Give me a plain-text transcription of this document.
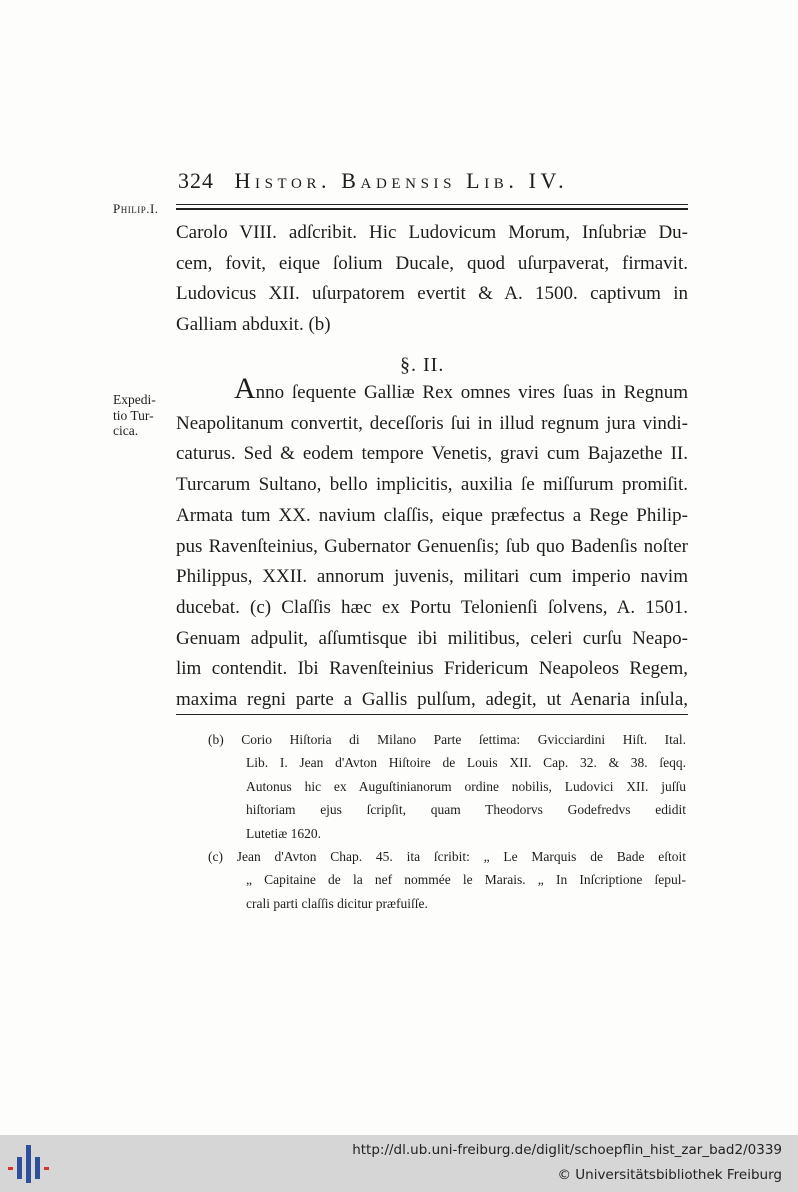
324 Histor. Badensis Lib. IV.
Philip.I.
Carolo VIII. adſcribit. Hic Ludovicum Morum, Inſubriæ Du-
cem, fovit, eique ſolium Ducale, quod uſurpaverat, firmavit.
Ludovicus XII. uſurpatorem evertit & A. 1500. captivum in
Galliam abduxit. (b)
§. II.
Expedi-
tio Tur-
cica.
Anno ſequente Galliæ Rex omnes vires ſuas in Regnum
Neapolitanum convertit, deceſſoris ſui in illud regnum jura vindi-
caturus. Sed & eodem tempore Venetis, gravi cum Bajazethe II.
Turcarum Sultano, bello implicitis, auxilia ſe miſſurum promiſit.
Armata tum XX. navium claſſis, eique præfectus a Rege Philip-
pus Ravenſteinius, Gubernator Genuenſis; ſub quo Badenſis noſter
Philippus, XXII. annorum juvenis, militari cum imperio navim
ducebat. (c) Claſſis hæc ex Portu Telonienſi ſolvens, A. 1501.
Genuam adpulit, aſſumtisque ibi militibus, celeri curſu Neapo-
lim contendit. Ibi Ravenſteinius Fridericum Neapoleos Regem,
maxima regni parte a Gallis pulſum, adegit, ut Aenaria inſula,
(b) Corio Hiſtoria di Milano Parte ſettima: Gvicciardini Hiſt. Ital.
Lib. I. Jean d'Avton Hiſtoire de Louis XII. Cap. 32. & 38. ſeqq.
Autonus hic ex Auguſtinianorum ordine nobilis, Ludovici XII. juſſu
hiſtoriam ejus ſcripſit, quam Theodorvs Godefredvs edidit
Lutetiæ 1620.
(c) Jean d'Avton Chap. 45. ita ſcribit: „ Le Marquis de Bade eſtoit
„ Capitaine de la nef nommée le Marais. „ In Inſcriptione ſepul-
crali parti claſſis dicitur præfuiſſe.
http://dl.ub.uni-freiburg.de/diglit/schoepflin_hist_zar_bad2/0339
© Universitätsbibliothek Freiburg
